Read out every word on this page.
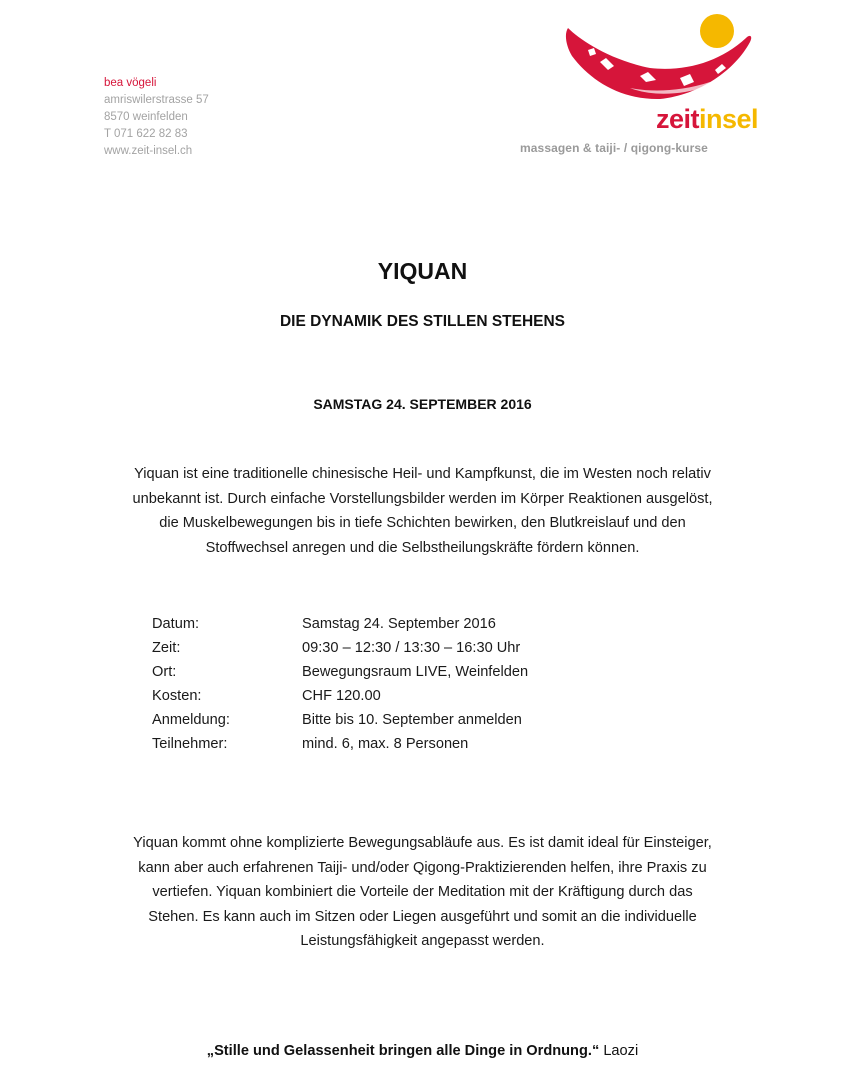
bea vögeli
amriswilerstrasse 57
8570 weinfelden
T 071 622 82 83
www.zeit-insel.ch
zeitinsel
massagen & taiji- / qigong-kurse
YIQUAN
DIE DYNAMIK DES STILLEN STEHENS
SAMSTAG 24. SEPTEMBER 2016
Yiquan ist eine traditionelle chinesische Heil- und Kampfkunst, die im Westen noch relativ
unbekannt ist. Durch einfache Vorstellungsbilder werden im Körper Reaktionen ausgelöst,
die Muskelbewegungen bis in tiefe Schichten bewirken, den Blutkreislauf und den
Stoffwechsel anregen und die Selbstheilungskräfte fördern können.
Datum:	Samstag 24. September 2016
Zeit:	09:30 – 12:30 / 13:30 – 16:30 Uhr
Ort:	Bewegungsraum LIVE, Weinfelden
Kosten:	CHF 120.00
Anmeldung:	Bitte bis 10. September anmelden
Teilnehmer:	mind. 6, max. 8 Personen
Yiquan kommt ohne komplizierte Bewegungsabläufe aus. Es ist damit ideal für Einsteiger,
kann aber auch erfahrenen Taiji- und/oder Qigong-Praktizierenden helfen, ihre Praxis zu
vertiefen. Yiquan kombiniert die Vorteile der Meditation mit der Kräftigung durch das
Stehen. Es kann auch im Sitzen oder Liegen ausgeführt und somit an die individuelle
Leistungsfähigkeit angepasst werden.
„Stille und Gelassenheit bringen alle Dinge in Ordnung.“ Laozi
